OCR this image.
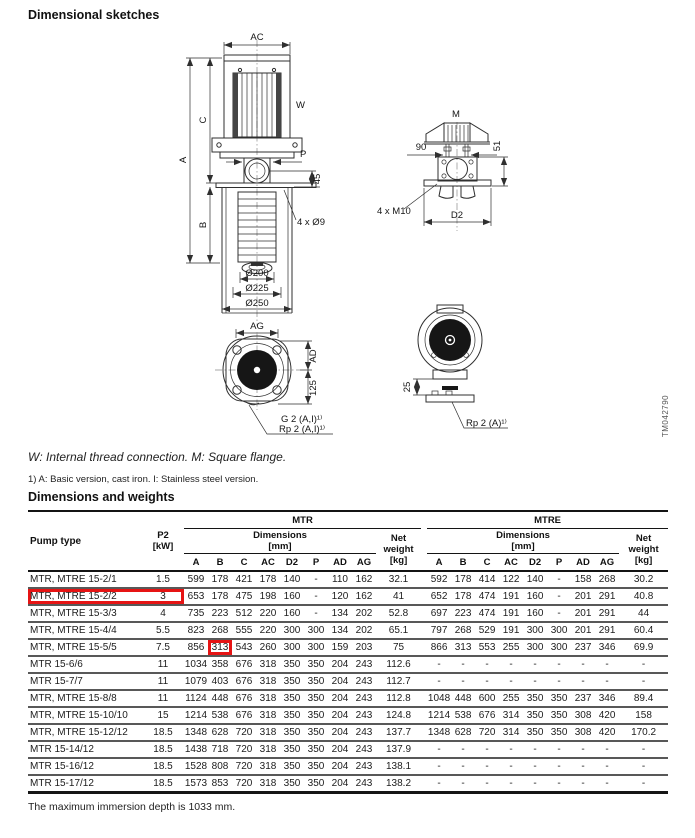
Dimensional sketches
AC
W
P
45
4 x Ø9
A
C
B
Ø200
Ø225
Ø250
M
90	51
4 x M10	D2
AG
AD
125
G 2 (A,I)¹⁾
Rp 2 (A,I)¹⁾
25
Rp 2 (A)¹⁾	TM042790
W: Internal thread connection. M: Square flange.
1) A: Basic version, cast iron. I: Stainless steel version.
Dimensions and weights
Pump type	P2
[kW]	MTR										MTRE								
		Dimensions
[mm]								Net
weight
[kg]		Dimensions
[mm]								Net
weight
[kg]
		A	B	C	AC	D2	P	AD	AG			A	B	C	AC	D2	P	AD	AG	
MTR, MTRE 15-2/1	1.5	599	178	421	178	140	-	110	162	32.1		592	178	414	122	140	-	158	268	30.2
MTR, MTRE 15-2/2	3	653	178	475	198	160	-	120	162	41		652	178	474	191	160	-	201	291	40.8
MTR, MTRE 15-3/3	4	735	223	512	220	160	-	134	202	52.8		697	223	474	191	160	-	201	291	44
MTR, MTRE 15-4/4	5.5	823	268	555	220	300	300	134	202	65.1		797	268	529	191	300	300	201	291	60.4
MTR, MTRE 15-5/5	7.5	856	313	543	260	300	300	159	203	75		866	313	553	255	300	300	237	346	69.9
MTR 15-6/6	11	1034	358	676	318	350	350	204	243	112.6		-	-	-	-	-	-	-	-	-
MTR 15-7/7	11	1079	403	676	318	350	350	204	243	112.7		-	-	-	-	-	-	-	-	-
MTR, MTRE 15-8/8	11	1124	448	676	318	350	350	204	243	112.8		1048	448	600	255	350	350	237	346	89.4
MTR, MTRE 15-10/10	15	1214	538	676	318	350	350	204	243	124.8		1214	538	676	314	350	350	308	420	158
MTR, MTRE 15-12/12	18.5	1348	628	720	318	350	350	204	243	137.7		1348	628	720	314	350	350	308	420	170.2
MTR 15-14/12	18.5	1438	718	720	318	350	350	204	243	137.9		-	-	-	-	-	-	-	-	-
MTR 15-16/12	18.5	1528	808	720	318	350	350	204	243	138.1		-	-	-	-	-	-	-	-	-
MTR 15-17/12	18.5	1573	853	720	318	350	350	204	243	138.2		-	-	-	-	-	-	-	-	-
The maximum immersion depth is 1033 mm.
